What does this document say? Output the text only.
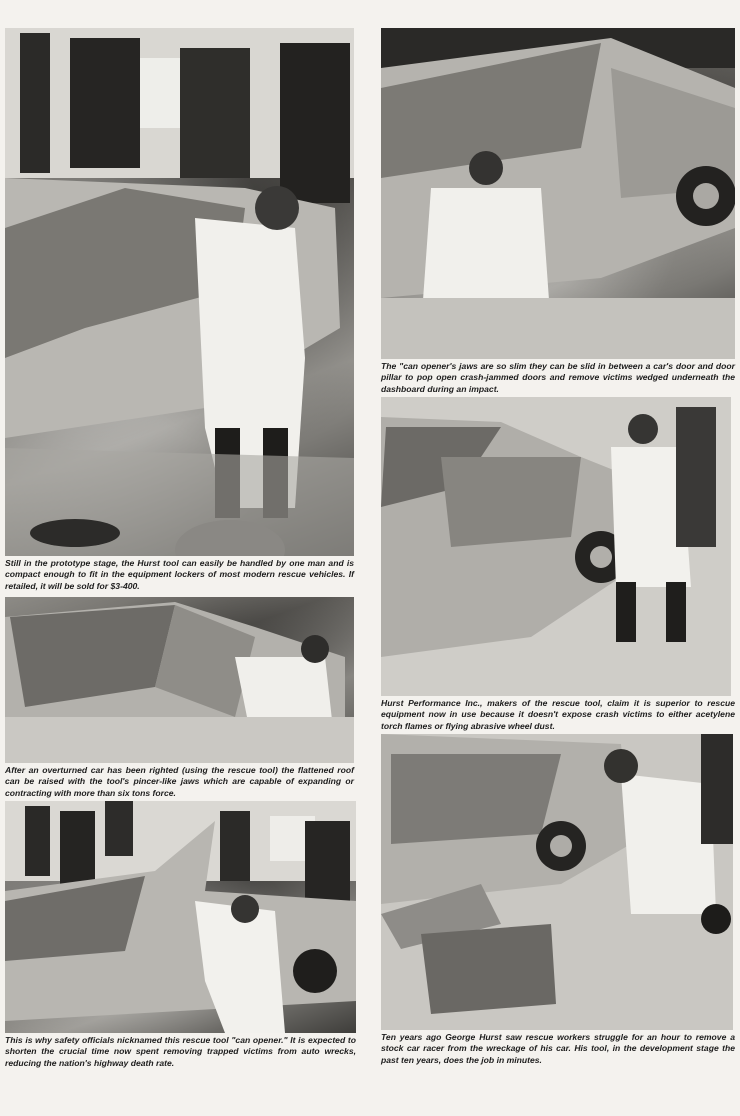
Still in the prototype stage, the Hurst tool can easily be handled by one man and is compact enough to fit in the equipment lockers of most modern rescue vehicles. If retailed, it will be sold for $3-400.

After an overturned car has been righted (using the rescue tool) the flattened roof can be raised with the tool's pincer-like jaws which are capable of expanding or contracting with more than six tons force.

This is why safety officials nicknamed this rescue tool "can opener." It is expected to shorten the crucial time now spent removing trapped victims from auto wrecks, reducing the nation's highway death rate.

The "can opener's jaws are so slim they can be slid in between a car's door and door pillar to pop open crash-jammed doors and remove victims wedged underneath the dashboard during an impact.

Hurst Performance Inc., makers of the rescue tool, claim it is superior to rescue equipment now in use because it doesn't expose crash victims to either acetylene torch flames or flying abrasive wheel dust.

Ten years ago George Hurst saw rescue workers struggle for an hour to remove a stock car racer from the wreckage of his car. His tool, in the development stage the past ten years, does the job in minutes.
